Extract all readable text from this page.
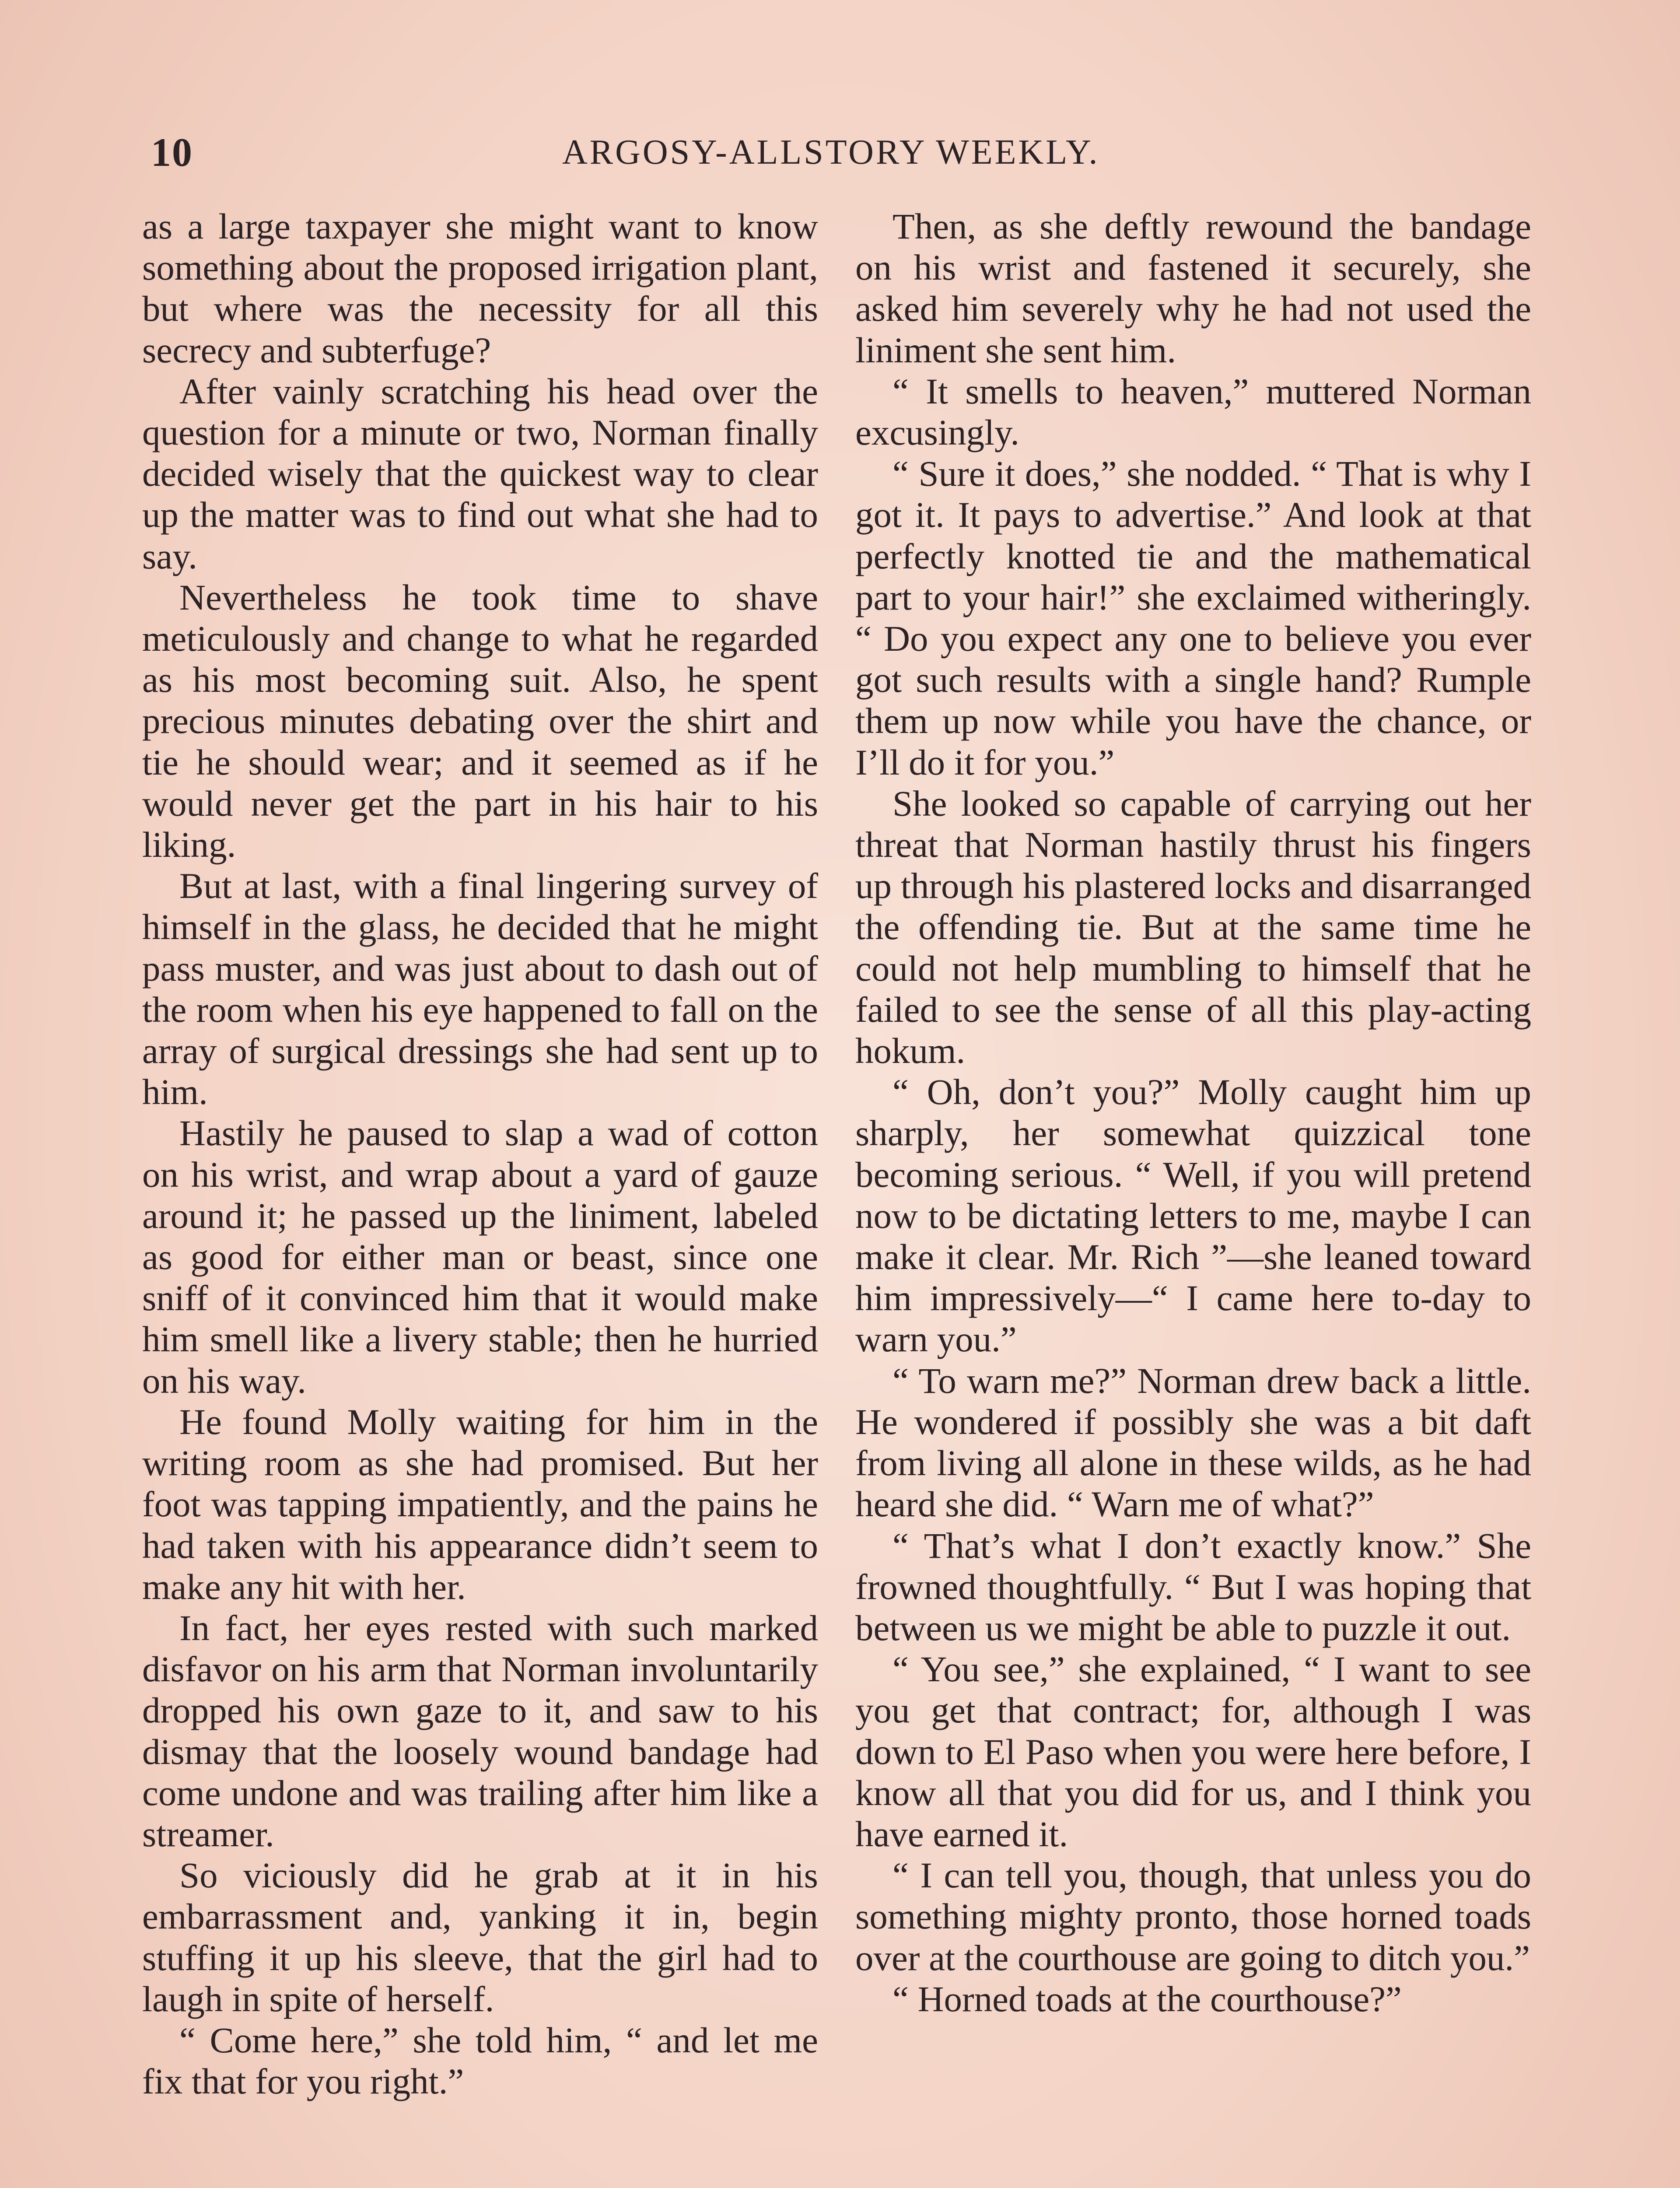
10	ARGOSY-ALLSTORY WEEKLY.

as a large taxpayer she might want to know something about the proposed irrigation plant, but where was the necessity for all this secrecy and subterfuge?

After vainly scratching his head over the question for a minute or two, Norman finally decided wisely that the quickest way to clear up the matter was to find out what she had to say.

Nevertheless he took time to shave meticulously and change to what he regarded as his most becoming suit. Also, he spent precious minutes debating over the shirt and tie he should wear; and it seemed as if he would never get the part in his hair to his liking.

But at last, with a final lingering survey of himself in the glass, he decided that he might pass muster, and was just about to dash out of the room when his eye happened to fall on the array of surgical dressings she had sent up to him.

Hastily he paused to slap a wad of cotton on his wrist, and wrap about a yard of gauze around it; he passed up the liniment, labeled as good for either man or beast, since one sniff of it convinced him that it would make him smell like a livery stable; then he hurried on his way.

He found Molly waiting for him in the writing room as she had promised. But her foot was tapping impatiently, and the pains he had taken with his appearance didn’t seem to make any hit with her.

In fact, her eyes rested with such marked disfavor on his arm that Norman involuntarily dropped his own gaze to it, and saw to his dismay that the loosely wound bandage had come undone and was trailing after him like a streamer.

So viciously did he grab at it in his embarrassment and, yanking it in, begin stuffing it up his sleeve, that the girl had to laugh in spite of herself.

“ Come here,” she told him, “ and let me fix that for you right.”

Then, as she deftly rewound the bandage on his wrist and fastened it securely, she asked him severely why he had not used the liniment she sent him.

“ It smells to heaven,” muttered Norman excusingly.

“ Sure it does,” she nodded. “ That is why I got it. It pays to advertise.” And look at that perfectly knotted tie and the mathematical part to your hair!” she exclaimed witheringly. “ Do you expect any one to believe you ever got such results with a single hand? Rumple them up now while you have the chance, or I’ll do it for you.”

She looked so capable of carrying out her threat that Norman hastily thrust his fingers up through his plastered locks and disarranged the offending tie. But at the same time he could not help mumbling to himself that he failed to see the sense of all this play-acting hokum.

“ Oh, don’t you?” Molly caught him up sharply, her somewhat quizzical tone becoming serious. “ Well, if you will pretend now to be dictating letters to me, maybe I can make it clear. Mr. Rich ”—she leaned toward him impressively—“ I came here to-day to warn you.”

“ To warn me?” Norman drew back a little. He wondered if possibly she was a bit daft from living all alone in these wilds, as he had heard she did. “ Warn me of what?”

“ That’s what I don’t exactly know.” She frowned thoughtfully. “ But I was hoping that between us we might be able to puzzle it out.

“ You see,” she explained, “ I want to see you get that contract; for, although I was down to El Paso when you were here before, I know all that you did for us, and I think you have earned it.

“ I can tell you, though, that unless you do something mighty pronto, those horned toads over at the courthouse are going to ditch you.”

“ Horned toads at the courthouse?”
